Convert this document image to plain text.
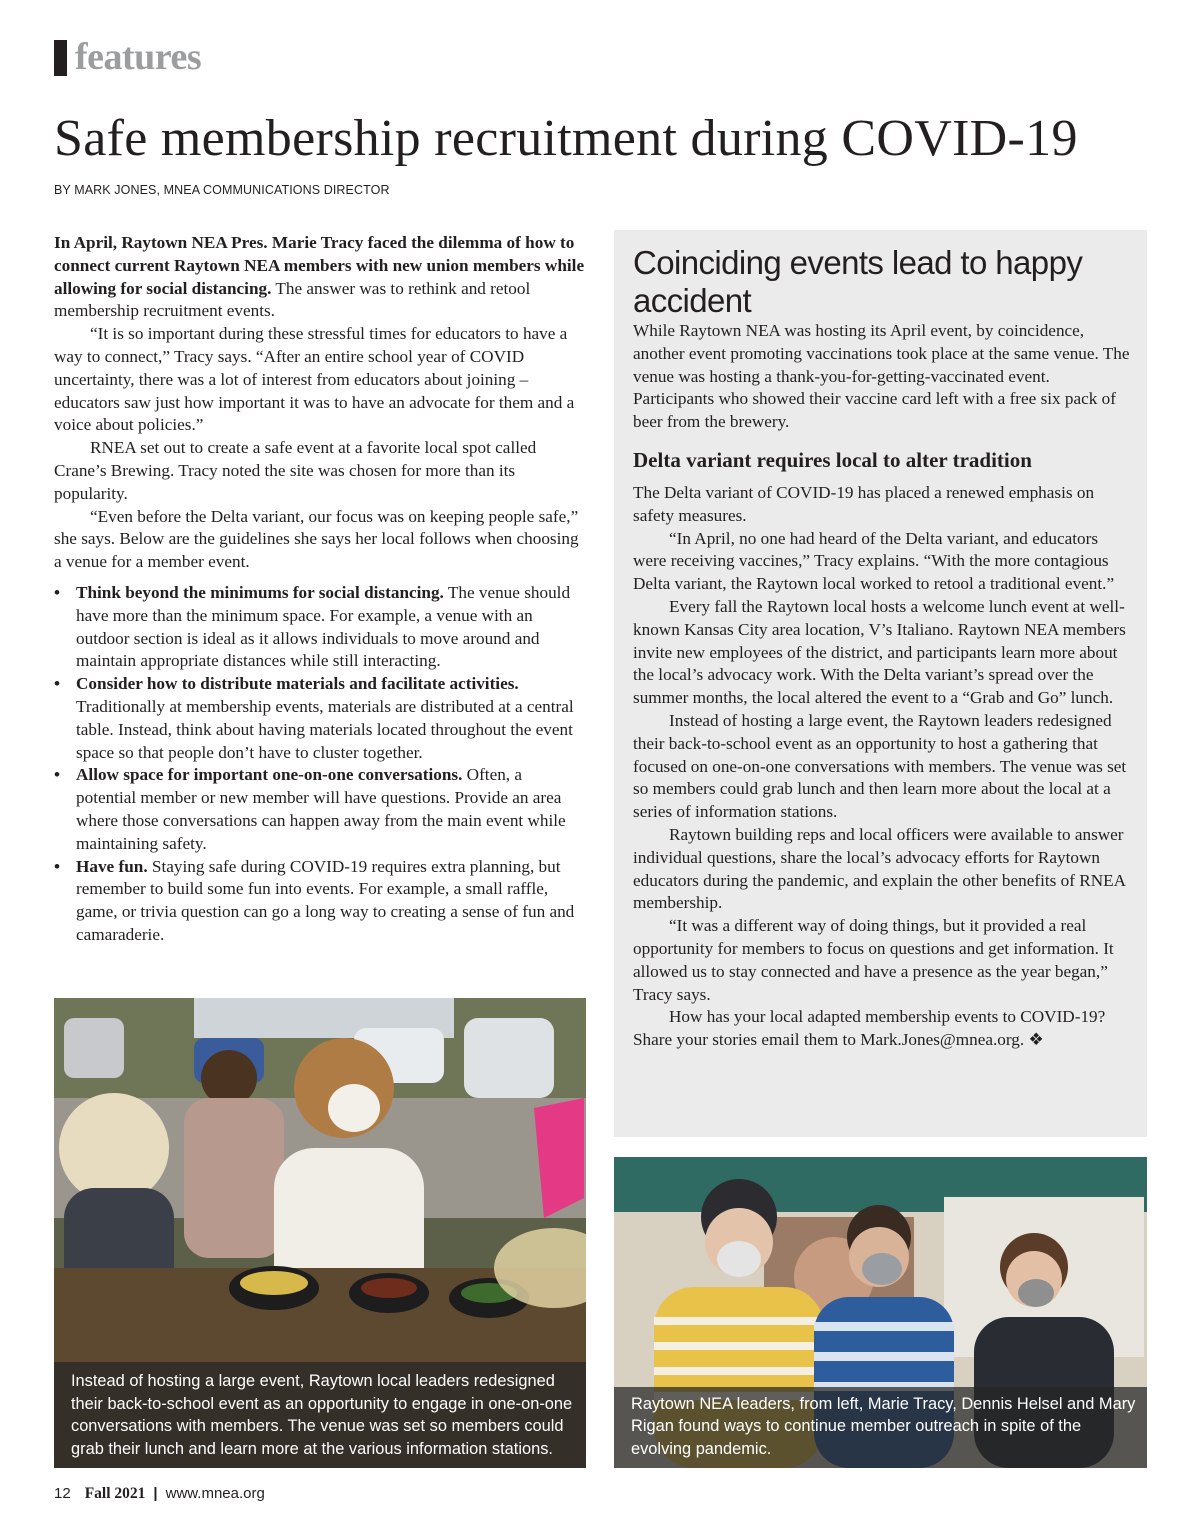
features
Safe membership recruitment during COVID-19
BY MARK JONES, MNEA COMMUNICATIONS DIRECTOR

In April, Raytown NEA Pres. Marie Tracy faced the dilemma of how to connect current Raytown NEA members with new union members while allowing for social distancing. The answer was to rethink and retool membership recruitment events.

“It is so important during these stressful times for educators to have a way to connect,” Tracy says. “After an entire school year of COVID uncertainty, there was a lot of interest from educators about joining – educators saw just how important it was to have an advocate for them and a voice about policies.”

RNEA set out to create a safe event at a favorite local spot called Crane’s Brewing. Tracy noted the site was chosen for more than its popularity.

“Even before the Delta variant, our focus was on keeping people safe,” she says. Below are the guidelines she says her local follows when choosing a venue for a member event.

• Think beyond the minimums for social distancing. The venue should have more than the minimum space. For example, a venue with an outdoor section is ideal as it allows individuals to move around and maintain appropriate distances while still interacting.
• Consider how to distribute materials and facilitate activities. Traditionally at membership events, materials are distributed at a central table. Instead, think about having materials located throughout the event space so that people don’t have to cluster together.
• Allow space for important one-on-one conversations. Often, a potential member or new member will have questions. Provide an area where those conversations can happen away from the main event while maintaining safety.
• Have fun. Staying safe during COVID-19 requires extra planning, but remember to build some fun into events. For example, a small raffle, game, or trivia question can go a long way to creating a sense of fun and camaraderie.
Coinciding events lead to happy accident

While Raytown NEA was hosting its April event, by coincidence, another event promoting vaccinations took place at the same venue. The venue was hosting a thank-you-for-getting-vaccinated event. Participants who showed their vaccine card left with a free six pack of beer from the brewery.

Delta variant requires local to alter tradition

The Delta variant of COVID-19 has placed a renewed emphasis on safety measures.

“In April, no one had heard of the Delta variant, and educators were receiving vaccines,” Tracy explains. “With the more contagious Delta variant, the Raytown local worked to retool a traditional event.”

Every fall the Raytown local hosts a welcome lunch event at well-known Kansas City area location, V’s Italiano. Raytown NEA members invite new employees of the district, and participants learn more about the local’s advocacy work. With the Delta variant’s spread over the summer months, the local altered the event to a “Grab and Go” lunch.

Instead of hosting a large event, the Raytown leaders redesigned their back-to-school event as an opportunity to host a gathering that focused on one-on-one conversations with members. The venue was set so members could grab lunch and then learn more about the local at a series of information stations.

Raytown building reps and local officers were available to answer individual questions, share the local’s advocacy efforts for Raytown educators during the pandemic, and explain the other benefits of RNEA membership.

“It was a different way of doing things, but it provided a real opportunity for members to focus on questions and get information. It allowed us to stay connected and have a presence as the year began,” Tracy says.

How has your local adapted membership events to COVID-19? Share your stories email them to Mark.Jones@mnea.org. ❖

Instead of hosting a large event, Raytown local leaders redesigned their back-to-school event as an opportunity to engage in one-on-one conversations with members. The venue was set so members could grab their lunch and learn more at the various information stations.
Raytown NEA leaders, from left, Marie Tracy, Dennis Helsel and Mary Rigan found ways to continue member outreach in spite of the evolving pandemic.
12 Fall 2021 | www.mnea.org
